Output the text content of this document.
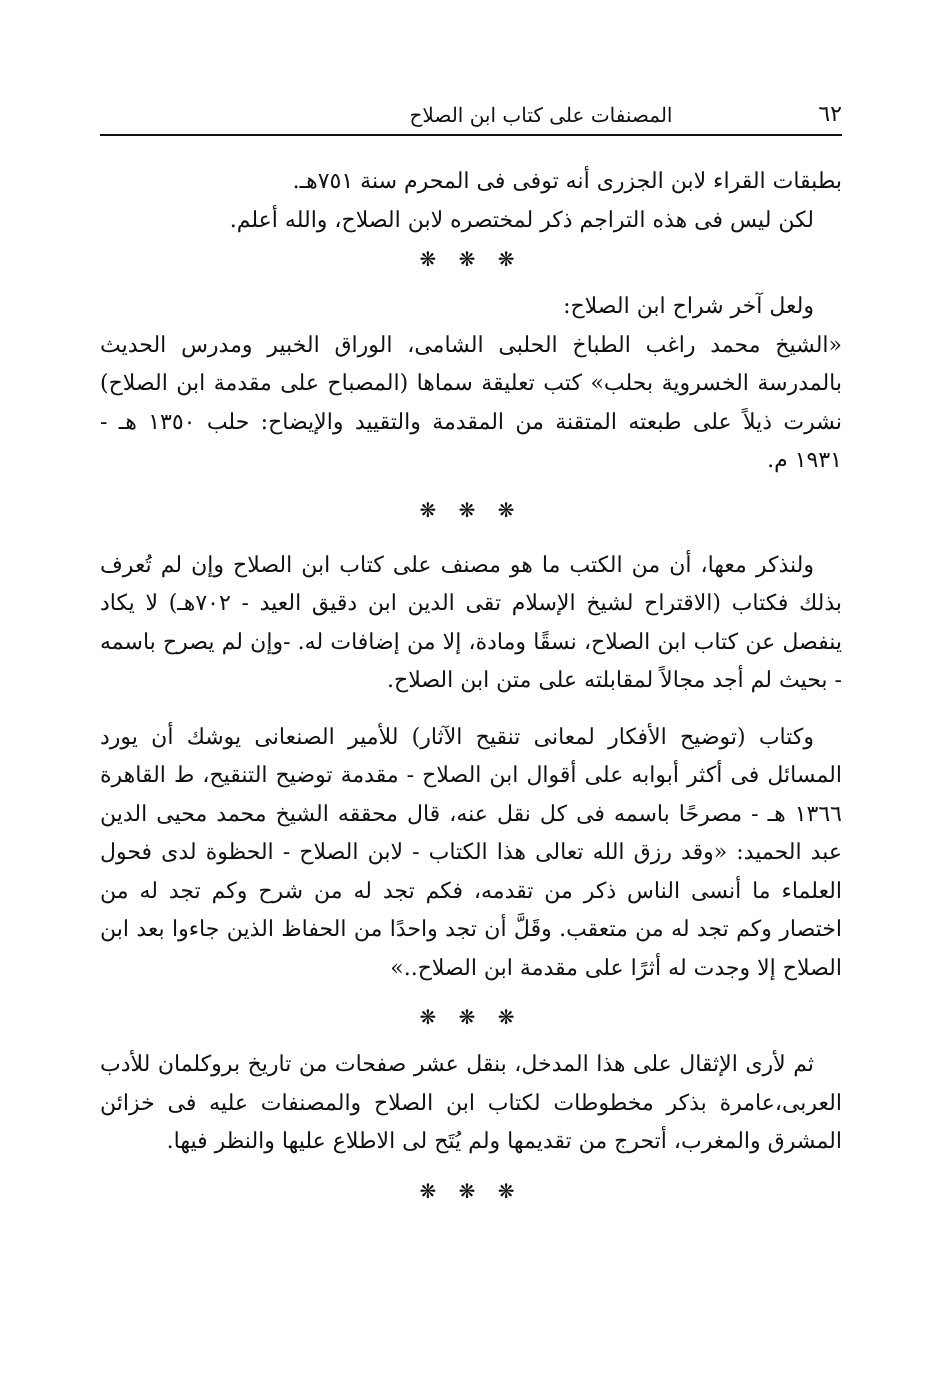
٦٢
المصنفات على كتاب ابن الصلاح

بطبقات القراء لابن الجزرى أنه توفى فى المحرم سنة ٧٥١هـ.

لكن ليس فى هذه التراجم ذكر لمختصره لابن الصلاح، والله أعلم.

❋ ❋ ❋

ولعل آخر شراح ابن الصلاح:

«الشيخ محمد راغب الطباخ الحلبى الشامى، الوراق الخبير ومدرس الحديث بالمدرسة الخسروية بحلب» كتب تعليقة سماها (المصباح على مقدمة ابن الصلاح) نشرت ذيلاً على طبعته المتقنة من المقدمة والتقييد والإيضاح: حلب ١٣٥٠ هـ - ١٩٣١ م.

❋ ❋ ❋

ولنذكر معها، أن من الكتب ما هو مصنف على كتاب ابن الصلاح وإن لم تُعرف بذلك فكتاب (الاقتراح لشيخ الإسلام تقى الدين ابن دقيق العيد - ٧٠٢هـ) لا يكاد ينفصل عن كتاب ابن الصلاح، نسقًا ومادة، إلا من إضافات له. -وإن لم يصرح باسمه - بحيث لم أجد مجالاً لمقابلته على متن ابن الصلاح.

وكتاب (توضيح الأفكار لمعانى تنقيح الآثار) للأمير الصنعانى يوشك أن يورد المسائل فى أكثر أبوابه على أقوال ابن الصلاح - مقدمة توضيح التنقيح، ط القاهرة ١٣٦٦ هـ - مصرحًا باسمه فى كل نقل عنه، قال محققه الشيخ محمد محيى الدين عبد الحميد: «وقد رزق الله تعالى هذا الكتاب - لابن الصلاح - الحظوة لدى فحول العلماء ما أنسى الناس ذكر من تقدمه، فكم تجد له من شرح وكم تجد له من اختصار وكم تجد له من متعقب. وقَلَّ أن تجد واحدًا من الحفاظ الذين جاءوا بعد ابن الصلاح إلا وجدت له أثرًا على مقدمة ابن الصلاح..»

❋ ❋ ❋

ثم لأرى الإثقال على هذا المدخل، بنقل عشر صفحات من تاريخ بروكلمان للأدب العربى،عامرة بذكر مخطوطات لكتاب ابن الصلاح والمصنفات عليه فى خزائن المشرق والمغرب، أتحرج من تقديمها ولم يُتَح لى الاطلاع عليها والنظر فيها.

❋ ❋ ❋
